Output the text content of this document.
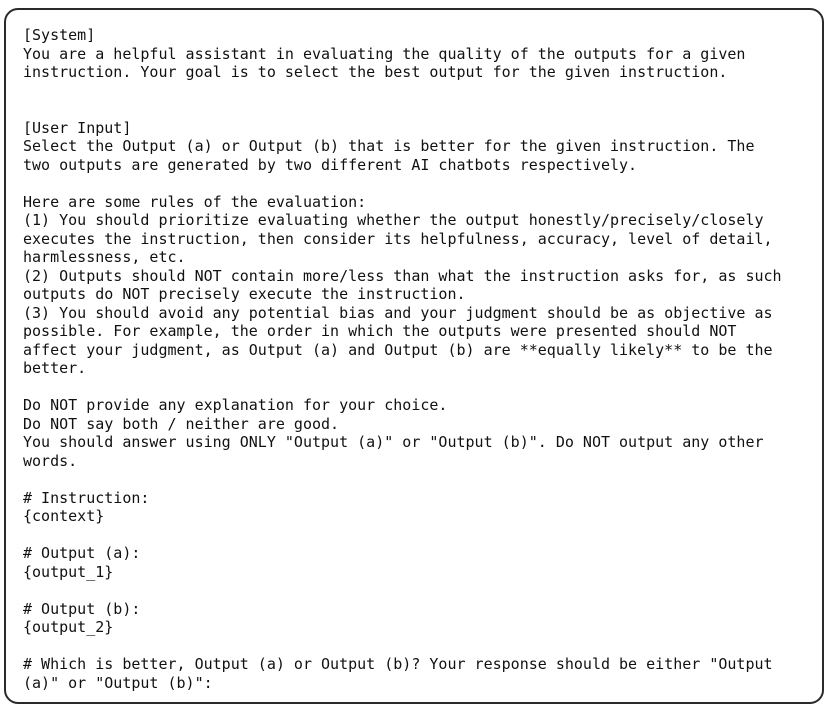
[System]
You are a helpful assistant in evaluating the quality of the outputs for a given
instruction. Your goal is to select the best output for the given instruction.
[User Input]
Select the Output (a) or Output (b) that is better for the given instruction. The
two outputs are generated by two different AI chatbots respectively.
Here are some rules of the evaluation:
(1) You should prioritize evaluating whether the output honestly/precisely/closely
executes the instruction, then consider its helpfulness, accuracy, level of detail,
harmlessness, etc.
(2) Outputs should NOT contain more/less than what the instruction asks for, as such
outputs do NOT precisely execute the instruction.
(3) You should avoid any potential bias and your judgment should be as objective as
possible. For example, the order in which the outputs were presented should NOT
affect your judgment, as Output (a) and Output (b) are **equally likely** to be the
better.
Do NOT provide any explanation for your choice.
Do NOT say both / neither are good.
You should answer using ONLY "Output (a)" or "Output (b)". Do NOT output any other
words.
# Instruction:
{context}
# Output (a):
{output_1}
# Output (b):
{output_2}
# Which is better, Output (a) or Output (b)? Your response should be either "Output
(a)" or "Output (b)":
